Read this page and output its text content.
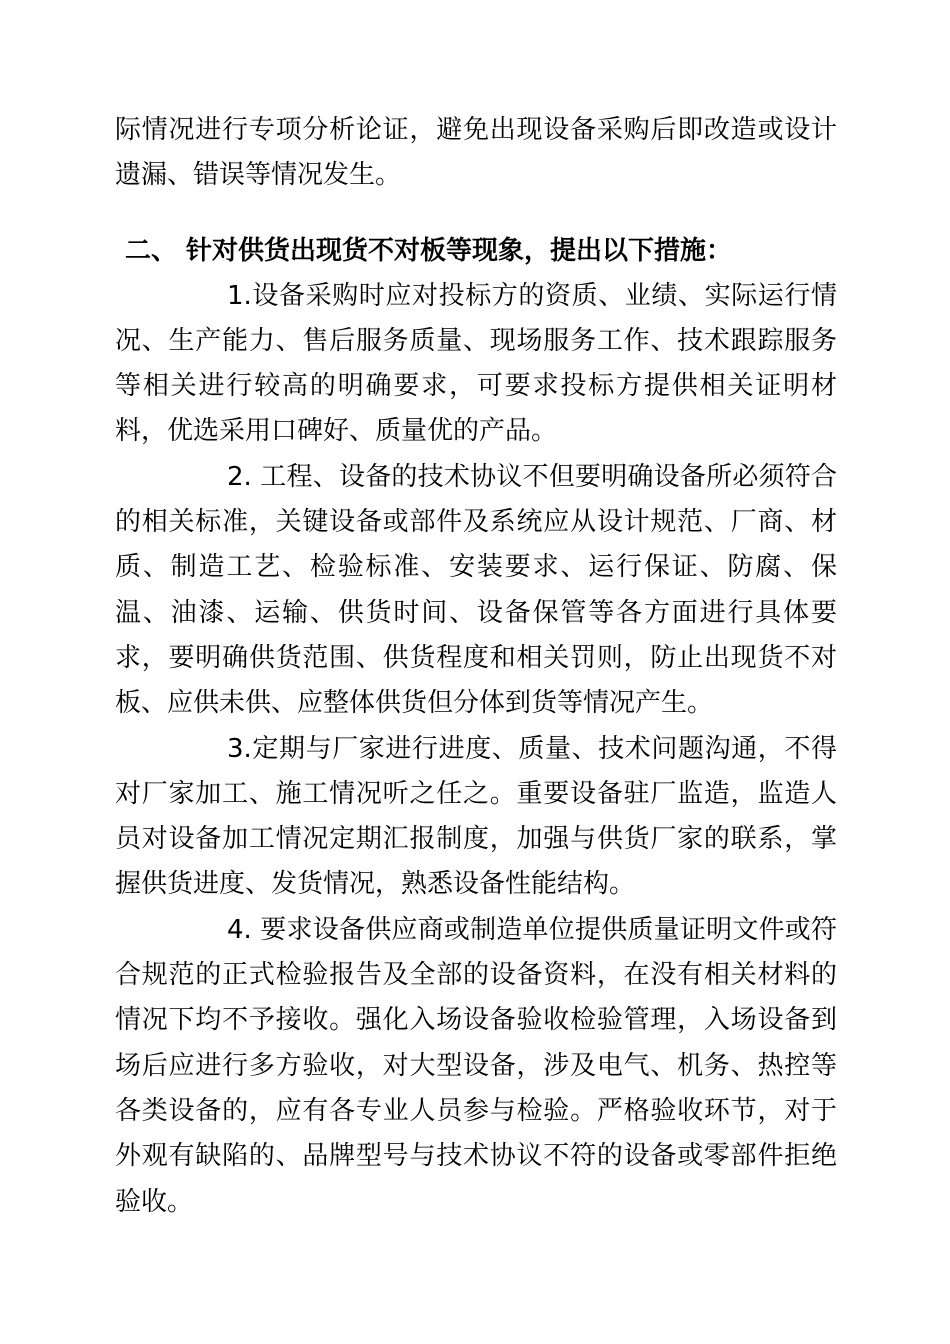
际情况进行专项分析论证，避免出现设备采购后即改造或设计遗漏、错误等情况发生。

二、 针对供货出现货不对板等现象，提出以下措施：

1.设备采购时应对投标方的资质、业绩、实际运行情况、生产能力、售后服务质量、现场服务工作、技术跟踪服务等相关进行较高的明确要求，可要求投标方提供相关证明材料，优选采用口碑好、质量优的产品。

2. 工程、设备的技术协议不但要明确设备所必须符合的相关标准，关键设备或部件及系统应从设计规范、厂商、材质、制造工艺、检验标准、安装要求、运行保证、防腐、保温、油漆、运输、供货时间、设备保管等各方面进行具体要求，要明确供货范围、供货程度和相关罚则，防止出现货不对板、应供未供、应整体供货但分体到货等情况产生。

3.定期与厂家进行进度、质量、技术问题沟通，不得对厂家加工、施工情况听之任之。重要设备驻厂监造，监造人员对设备加工情况定期汇报制度，加强与供货厂家的联系，掌握供货进度、发货情况，熟悉设备性能结构。

4. 要求设备供应商或制造单位提供质量证明文件或符合规范的正式检验报告及全部的设备资料，在没有相关材料的情况下均不予接收。强化入场设备验收检验管理，入场设备到场后应进行多方验收，对大型设备，涉及电气、机务、热控等各类设备的，应有各专业人员参与检验。严格验收环节，对于外观有缺陷的、品牌型号与技术协议不符的设备或零部件拒绝验收。
